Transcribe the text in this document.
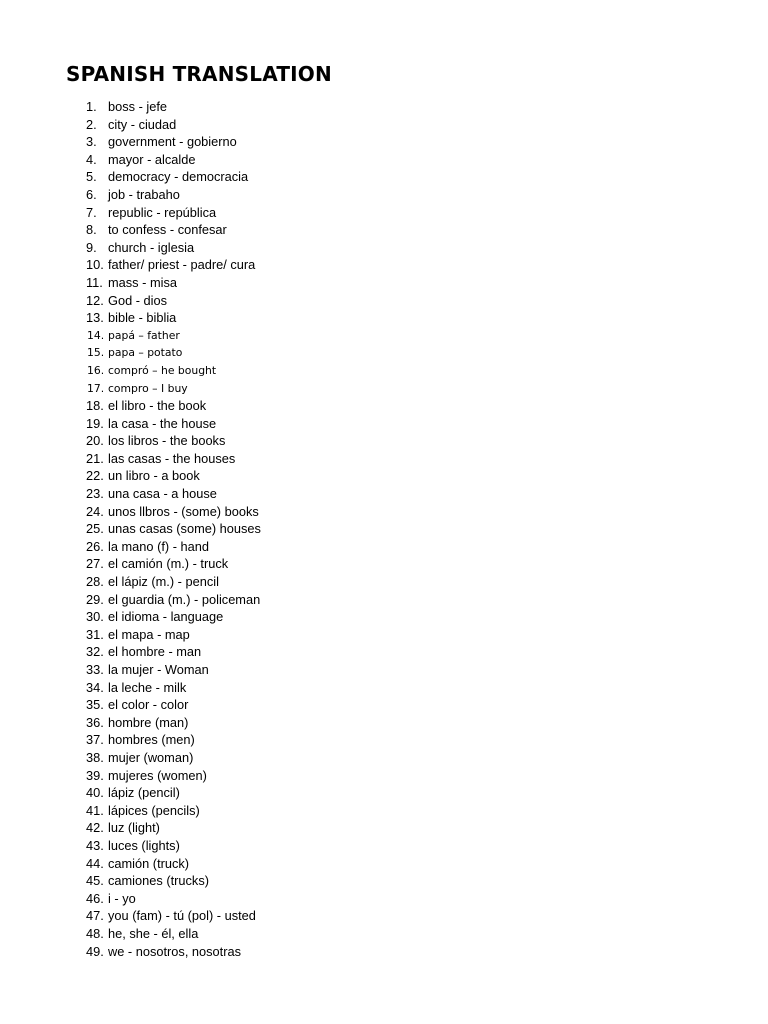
SPANISH TRANSLATION
1. boss - jefe
2. city - ciudad
3. government - gobierno
4. mayor - alcalde
5. democracy - democracia
6. job - trabaho
7. republic - república
8. to confess - confesar
9. church - iglesia
10. father/ priest - padre/ cura
11. mass - misa
12. God - dios
13. bible - biblia
14. papá – father
15. papa – potato
16. compró – he bought
17. compro – I buy
18. el libro - the book
19. la casa - the house
20. los libros - the books
21. las casas - the houses
22. un libro - a book
23. una casa - a house
24. unos llbros - (some) books
25. unas casas (some) houses
26. la mano (f) - hand
27. el camión (m.) - truck
28. el lápiz (m.) - pencil
29. el guardia (m.) - policeman
30. el idioma - language
31. el mapa - map
32. el hombre - man
33. la mujer - Woman
34. la leche - milk
35. el color - color
36. hombre (man)
37. hombres (men)
38. mujer (woman)
39. mujeres (women)
40. lápiz (pencil)
41. lápices (pencils)
42. luz (light)
43. luces (lights)
44. camión (truck)
45. camiones (trucks)
46. i - yo
47. you (fam) - tú (pol) - usted
48. he, she - él, ella
49. we - nosotros, nosotras
